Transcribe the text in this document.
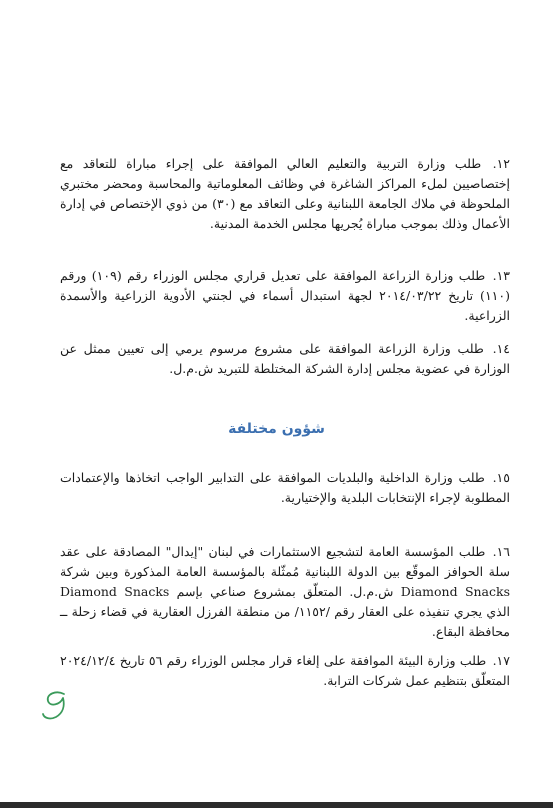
١٢. طلب وزارة التربية والتعليم العالي الموافقة على إجراء مباراة للتعاقد مع إختصاصيين لملء المراكز الشاغرة في وظائف المعلوماتية والمحاسبة ومحضر مختبري الملحوظة في ملاك الجامعة اللبنانية وعلى التعاقد مع (٣٠) من ذوي الإختصاص في إدارة الأعمال وذلك بموجب مباراة يُجريها مجلس الخدمة المدنية.

١٣. طلب وزارة الزراعة الموافقة على تعديل قراري مجلس الوزراء رقم (١٠٩) ورقم (١١٠) تاريخ ٢٠١٤/٠٣/٢٢ لجهة استبدال أسماء في لجنتي الأدوية الزراعية والأسمدة الزراعية.

١٤. طلب وزارة الزراعة الموافقة على مشروع مرسوم يرمي إلى تعيين ممثل عن الوزارة في عضوية مجلس إدارة الشركة المختلطة للتبريد ش.م.ل.

شؤون مختلفة

١٥. طلب وزارة الداخلية والبلديات الموافقة على التدابير الواجب اتخاذها والإعتمادات المطلوبة لإجراء الإنتخابات البلدية والإختيارية.

١٦. طلب المؤسسة العامة لتشجيع الاستثمارات في لبنان "إيدال" المصادقة على عقد سلة الحوافز الموقّع بين الدولة اللبنانية مُمثّلة بالمؤسسة العامة المذكورة وبين شركة Diamond Snacks ش.م.ل. المتعلّق بمشروع صناعي بإسم Diamond Snacks الذي يجري تنفيذه على العقار رقم /١١٥٢/ من منطقة الفرزل العقارية في قضاء زحلة ــ محافظة البقاع.

١٧. طلب وزارة البيئة الموافقة على إلغاء قرار مجلس الوزراء رقم ٥٦ تاريخ ٢٠٢٤/١٢/٤ المتعلّق بتنظيم عمل شركات الترابة.
